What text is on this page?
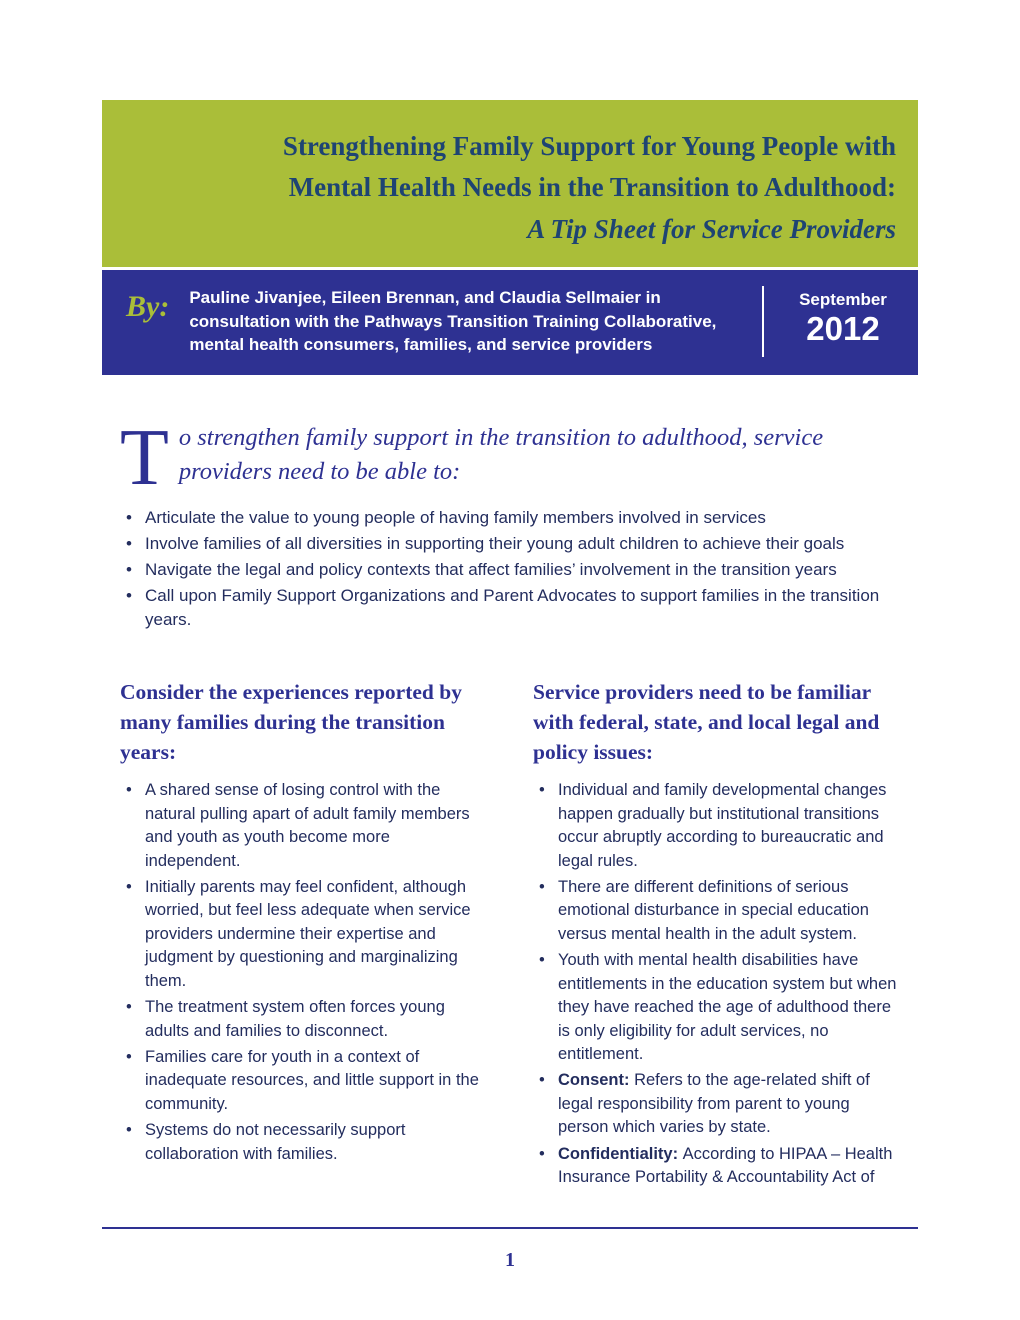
Strengthening Family Support for Young People with
Mental Health Needs in the Transition to Adulthood:
A Tip Sheet for Service Providers
By: Pauline Jivanjee, Eileen Brennan, and Claudia Sellmaier in consultation with the Pathways Transition Training Collaborative, mental health consumers, families, and service providers

September
2012

To strengthen family support in the transition to adulthood, service providers need to be able to:

• Articulate the value to young people of having family members involved in services
• Involve families of all diversities in supporting their young adult children to achieve their goals
• Navigate the legal and policy contexts that affect families’ involvement in the transition years
• Call upon Family Support Organizations and Parent Advocates to support families in the transition years.
Consider the experiences reported by many families during the transition years:
• A shared sense of losing control with the natural pulling apart of adult family members and youth as youth become more independent.
• Initially parents may feel confident, although worried, but feel less adequate when service providers undermine their expertise and judgment by questioning and marginalizing them.
• The treatment system often forces young adults and families to disconnect.
• Families care for youth in a context of inadequate resources, and little support in the community.
• Systems do not necessarily support collaboration with families.
Service providers need to be familiar with federal, state, and local legal and policy issues:
• Individual and family developmental changes happen gradually but institutional transitions occur abruptly according to bureaucratic and legal rules.
• There are different definitions of serious emotional disturbance in special education versus mental health in the adult system.
• Youth with mental health disabilities have entitlements in the education system but when they have reached the age of adulthood there is only eligibility for adult services, no entitlement.
• Consent: Refers to the age-related shift of legal responsibility from parent to young person which varies by state.
• Confidentiality: According to HIPAA – Health Insurance Portability & Accountability Act of
1
